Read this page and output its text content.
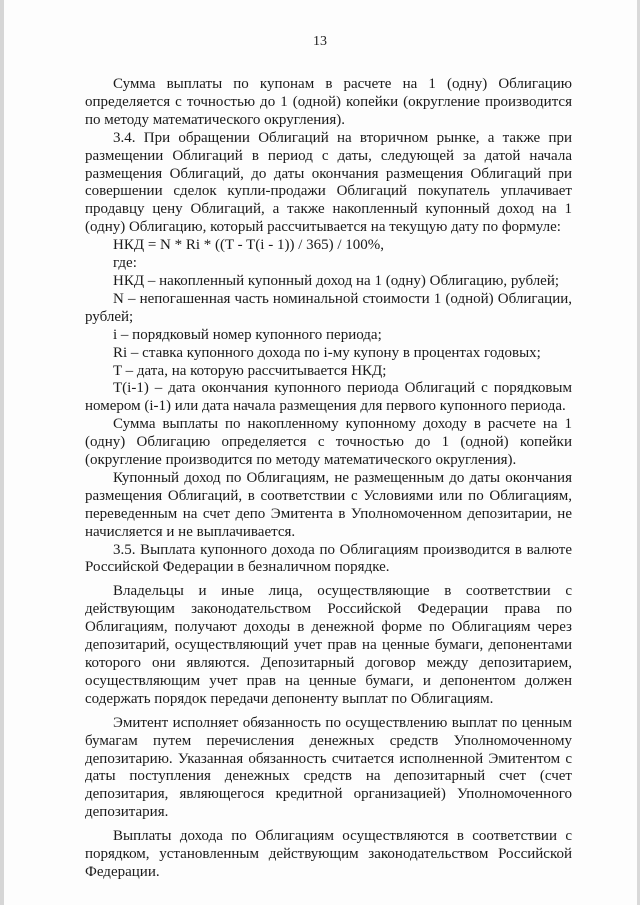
13

Сумма выплаты по купонам в расчете на 1 (одну) Облигацию определяется с точностью до 1 (одной) копейки (округление производится по методу математического округления).

3.4. При обращении Облигаций на вторичном рынке, а также при размещении Облигаций в период с даты, следующей за датой начала размещения Облигаций, до даты окончания размещения Облигаций при совершении сделок купли-продажи Облигаций покупатель уплачивает продавцу цену Облигаций, а также накопленный купонный доход на 1 (одну) Облигацию, который рассчитывается на текущую дату по формуле:

НКД = N * Ri * ((T - T(i - 1)) / 365) / 100%,

где:

НКД – накопленный купонный доход на 1 (одну) Облигацию, рублей;

N – непогашенная часть номинальной стоимости 1 (одной) Облигации, рублей;

i – порядковый номер купонного периода;

Ri – ставка купонного дохода по i-му купону в процентах годовых;

T – дата, на которую рассчитывается НКД;

T(i-1) – дата окончания купонного периода Облигаций с порядковым номером (i-1) или дата начала размещения для первого купонного периода.

Сумма выплаты по накопленному купонному доходу в расчете на 1 (одну) Облигацию определяется с точностью до 1 (одной) копейки (округление производится по методу математического округления).

Купонный доход по Облигациям, не размещенным до даты окончания размещения Облигаций, в соответствии с Условиями или по Облигациям, переведенным на счет депо Эмитента в Уполномоченном депозитарии, не начисляется и не выплачивается.

3.5. Выплата купонного дохода по Облигациям производится в валюте Российской Федерации в безналичном порядке.

Владельцы и иные лица, осуществляющие в соответствии с действующим законодательством Российской Федерации права по Облигациям, получают доходы в денежной форме по Облигациям через депозитарий, осуществляющий учет прав на ценные бумаги, депонентами которого они являются. Депозитарный договор между депозитарием, осуществляющим учет прав на ценные бумаги, и депонентом должен содержать порядок передачи депоненту выплат по Облигациям.

Эмитент исполняет обязанность по осуществлению выплат по ценным бумагам путем перечисления денежных средств Уполномоченному депозитарию. Указанная обязанность считается исполненной Эмитентом с даты поступления денежных средств на депозитарный счет (счет депозитария, являющегося кредитной организацией) Уполномоченного депозитария.

Выплаты дохода по Облигациям осуществляются в соответствии с порядком, установленным действующим законодательством Российской Федерации.
